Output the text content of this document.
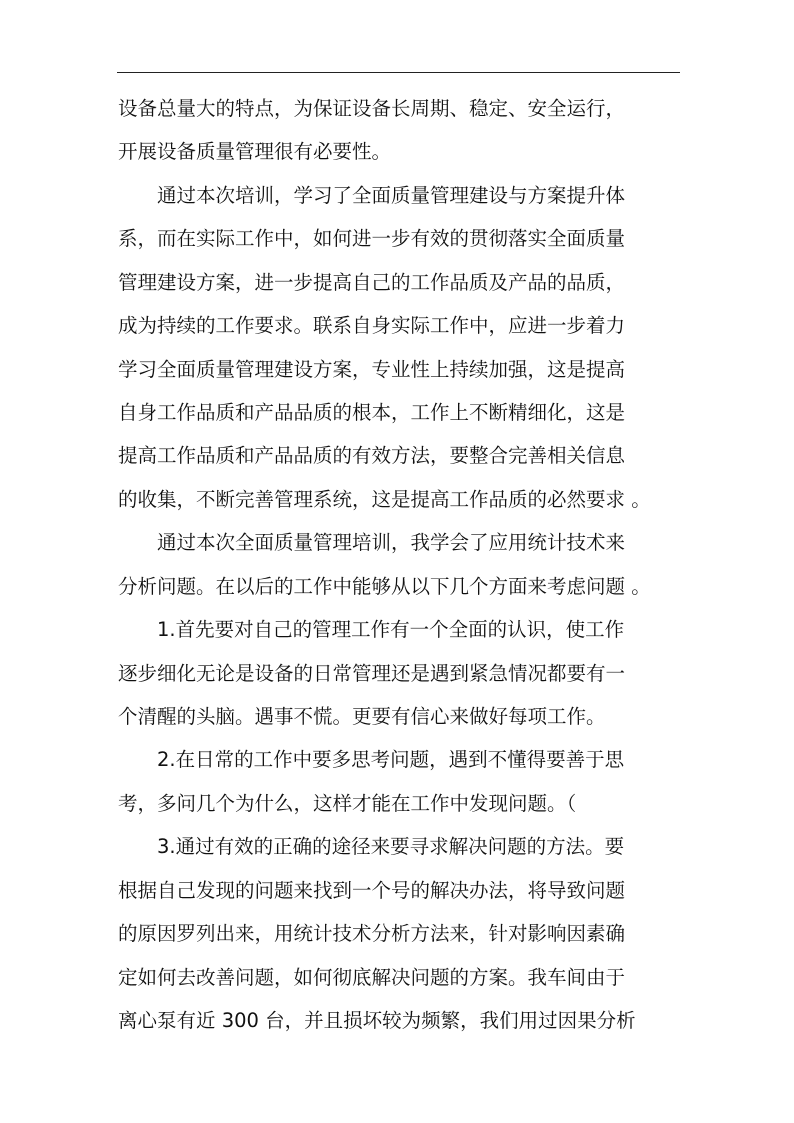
设备总量大的特点，为保证设备长周期、稳定、安全运行，
开展设备质量管理很有必要性。
通过本次培训，学习了全面质量管理建设与方案提升体
系，而在实际工作中，如何进一步有效的贯彻落实全面质量
管理建设方案，进一步提高自己的工作品质及产品的品质，
成为持续的工作要求。联系自身实际工作中，应进一步着力
学习全面质量管理建设方案，专业性上持续加强，这是提高
自身工作品质和产品品质的根本，工作上不断精细化，这是
提高工作品质和产品品质的有效方法，要整合完善相关信息
的收集，不断完善管理系统，这是提高工作品质的必然要求 。
通过本次全面质量管理培训，我学会了应用统计技术来
分析问题。在以后的工作中能够从以下几个方面来考虑问题 。
1.首先要对自己的管理工作有一个全面的认识，使工作
逐步细化无论是设备的日常管理还是遇到紧急情况都要有一
个清醒的头脑。遇事不慌。更要有信心来做好每项工作。
2.在日常的工作中要多思考问题，遇到不懂得要善于思
考，多问几个为什么，这样才能在工作中发现问题。（
3.通过有效的正确的途径来要寻求解决问题的方法。要
根据自己发现的问题来找到一个号的解决办法，将导致问题
的原因罗列出来，用统计技术分析方法来，针对影响因素确
定如何去改善问题，如何彻底解决问题的方案。我车间由于
离心泵有近 300 台，并且损坏较为频繁，我们用过因果分析
